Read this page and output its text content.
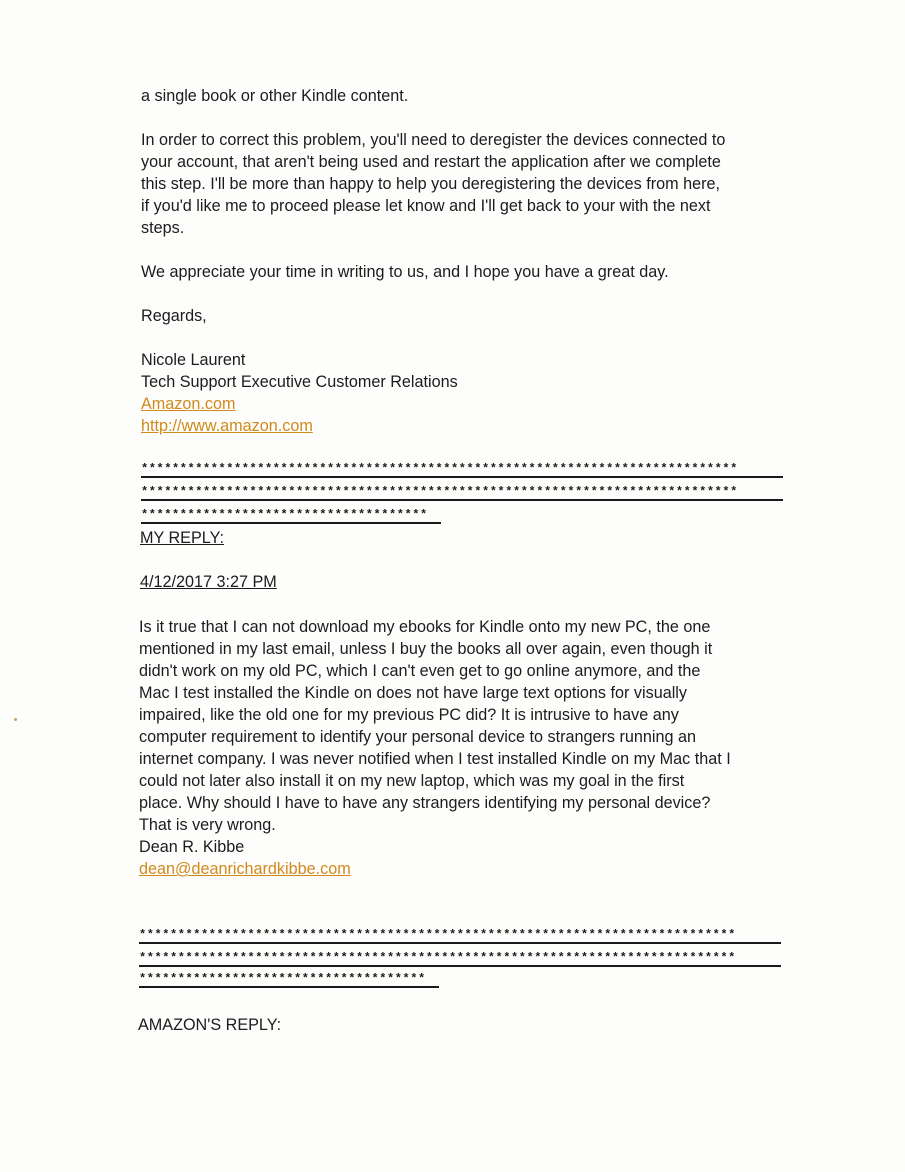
a single book or other Kindle content.
In order to correct this problem, you'll need to deregister the devices connected to
your account, that aren't being used and restart the application after we complete
this step. I'll be more than happy to help you deregistering the devices from here,
if you'd like me to proceed please let know and I'll get back to your with the next
steps.
We appreciate your time in writing to us, and I hope you have a great day.
Regards,
Nicole Laurent
Tech Support Executive Customer Relations
Amazon.com
http://www.amazon.com
*****************************************************************************
*****************************************************************************
*************************************
MY REPLY:
4/12/2017 3:27 PM
Is it true that I can not download my ebooks for Kindle onto my new PC, the one
mentioned in my last email, unless I buy the books all over again, even though it
didn't work on my old PC, which I can't even get to go online anymore, and the
Mac I test installed the Kindle on does not have large text options for visually
impaired, like the old one for my previous PC did? It is intrusive to have any
computer requirement to identify your personal device to strangers running an
internet company. I was never notified when I test installed Kindle on my Mac that I
could not later also install it on my new laptop, which was my goal in the first
place. Why should I have to have any strangers identifying my personal device?
That is very wrong.
Dean R. Kibbe
dean@deanrichardkibbe.com
*****************************************************************************
*****************************************************************************
*************************************
AMAZON'S REPLY:
